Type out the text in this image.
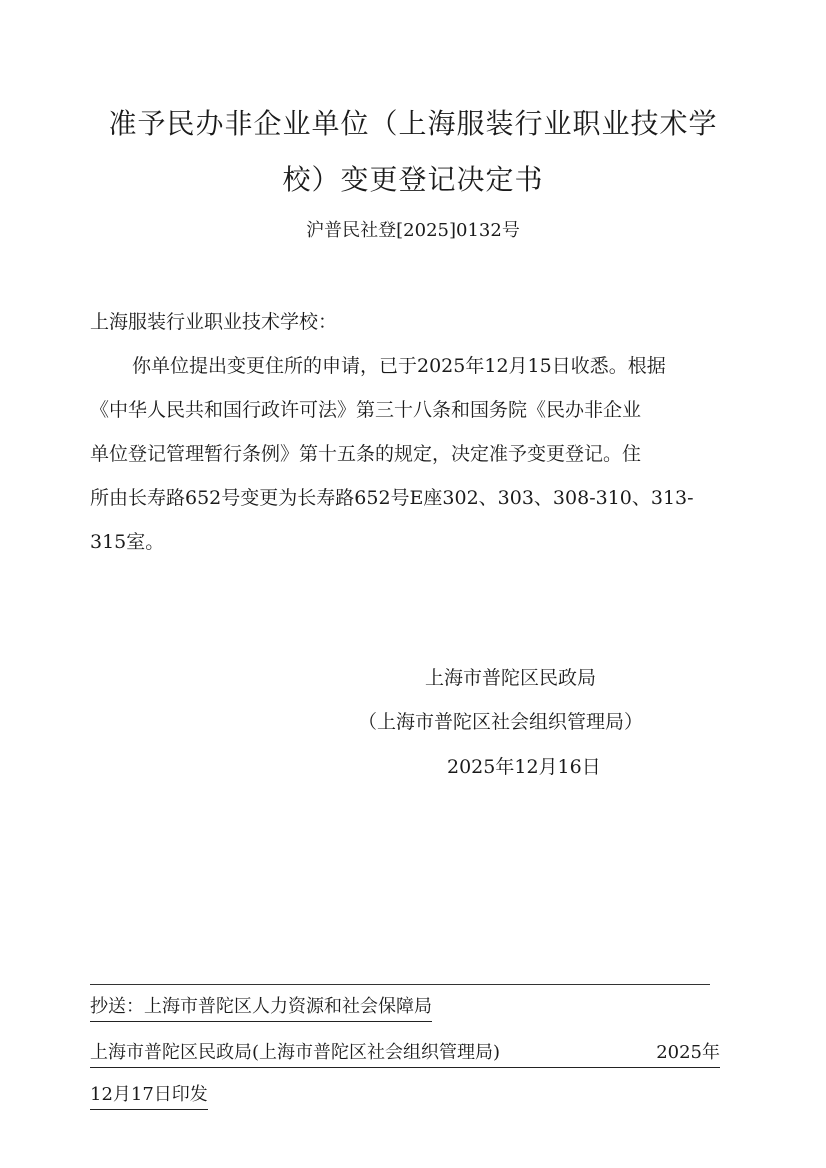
准予民办非企业单位（上海服装行业职业技术学
校）变更登记决定书
沪普民社登[2025]0132号
上海服装行业职业技术学校：
你单位提出变更住所的申请，已于2025年12月15日收悉。根据
《中华人民共和国行政许可法》第三十八条和国务院《民办非企业
单位登记管理暂行条例》第十五条的规定，决定准予变更登记。住
所由长寿路652号变更为长寿路652号E座302、303、308-310、313-
315室。
上海市普陀区民政局
（上海市普陀区社会组织管理局）
2025年12月16日
抄送：上海市普陀区人力资源和社会保障局
上海市普陀区民政局(上海市普陀区社会组织管理局)	2025年
12月17日印发
